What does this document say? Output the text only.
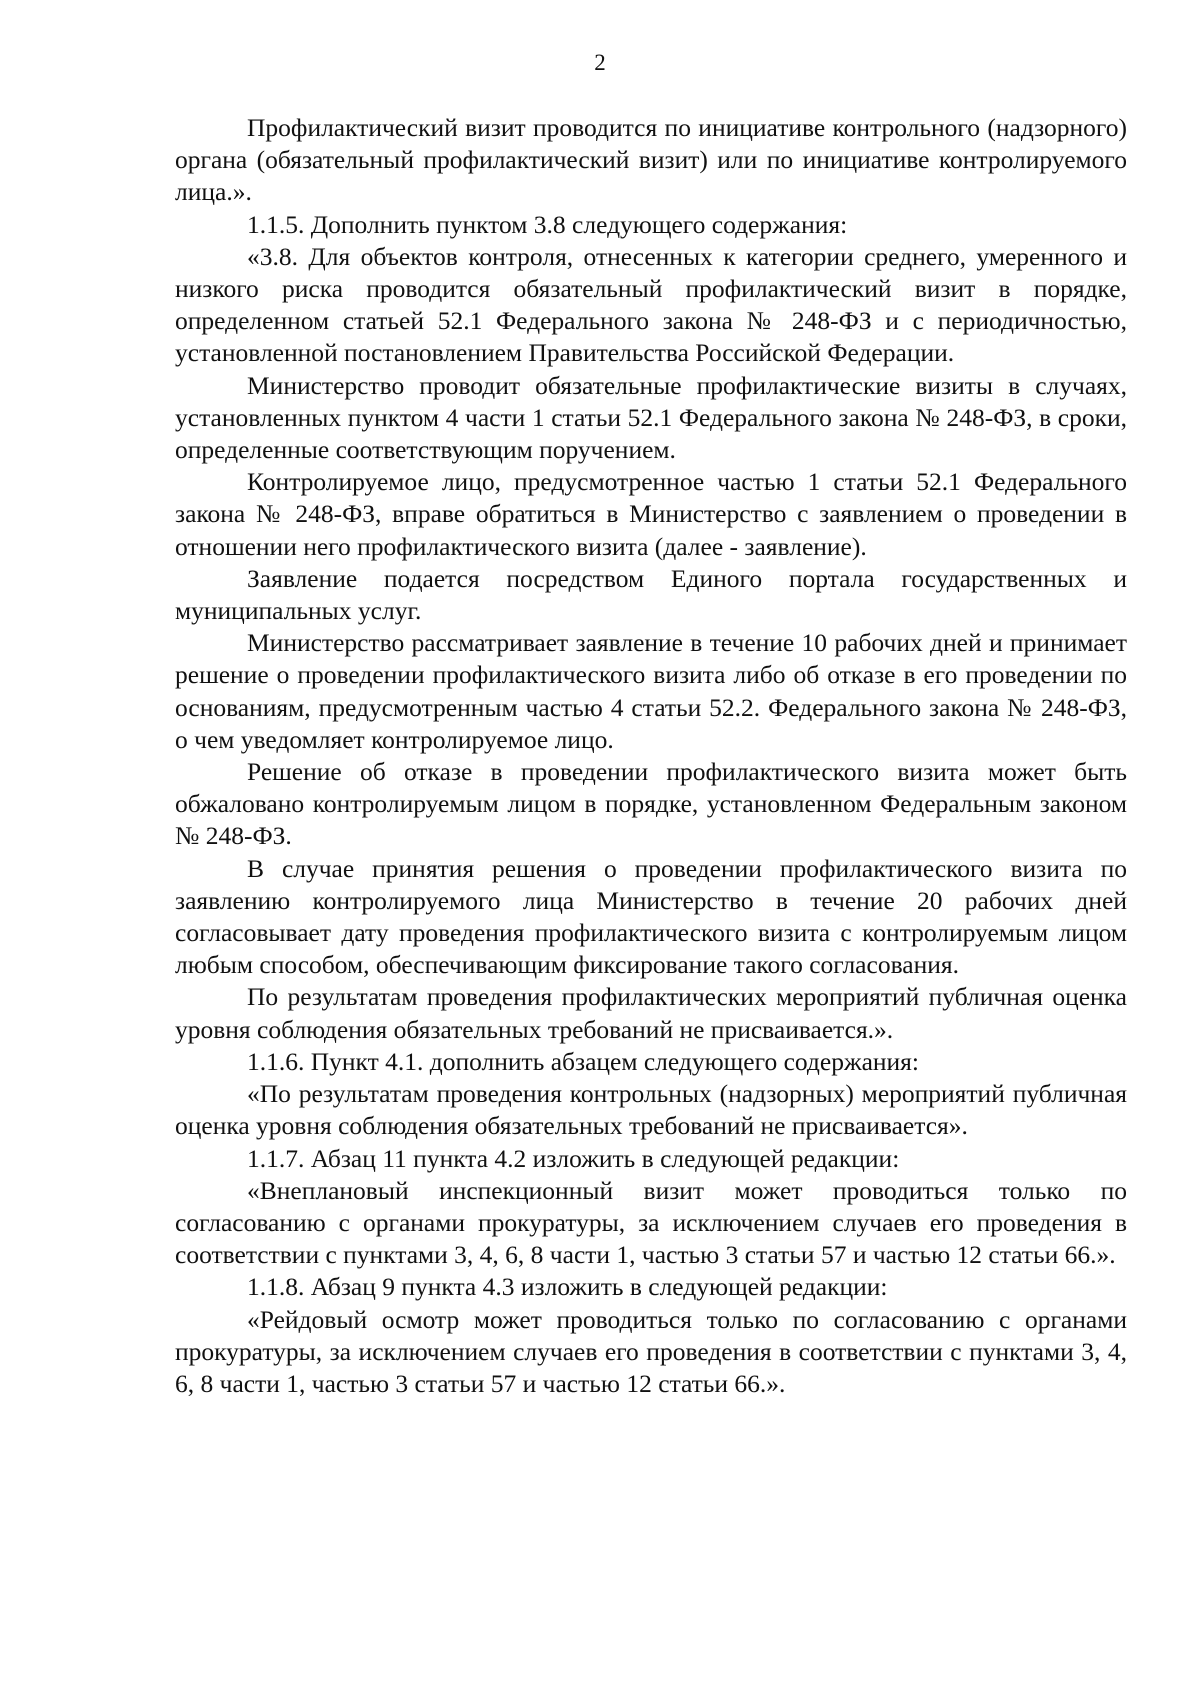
2

Профилактический визит проводится по инициативе контрольного (надзорного) органа (обязательный профилактический визит) или по инициативе контролируемого лица.».

1.1.5. Дополнить пунктом 3.8 следующего содержания:

«3.8. Для объектов контроля, отнесенных к категории среднего, умеренного и низкого риска проводится обязательный профилактический визит в порядке, определенном статьей 52.1 Федерального закона № 248-ФЗ и с периодичностью, установленной постановлением Правительства Российской Федерации.

Министерство проводит обязательные профилактические визиты в случаях, установленных пунктом 4 части 1 статьи 52.1 Федерального закона № 248-ФЗ, в сроки, определенные соответствующим поручением.

Контролируемое лицо, предусмотренное частью 1 статьи 52.1 Федерального закона № 248-ФЗ, вправе обратиться в Министерство с заявлением о проведении в отношении него профилактического визита (далее - заявление).

Заявление подается посредством Единого портала государственных и муниципальных услуг.

Министерство рассматривает заявление в течение 10 рабочих дней и принимает решение о проведении профилактического визита либо об отказе в его проведении по основаниям, предусмотренным частью 4 статьи 52.2. Федерального закона № 248-ФЗ, о чем уведомляет контролируемое лицо.

Решение об отказе в проведении профилактического визита может быть обжаловано контролируемым лицом в порядке, установленном Федеральным законом № 248-ФЗ.

В случае принятия решения о проведении профилактического визита по заявлению контролируемого лица Министерство в течение 20 рабочих дней согласовывает дату проведения профилактического визита с контролируемым лицом любым способом, обеспечивающим фиксирование такого согласования.

По результатам проведения профилактических мероприятий публичная оценка уровня соблюдения обязательных требований не присваивается.».

1.1.6. Пункт 4.1. дополнить абзацем следующего содержания:

«По результатам проведения контрольных (надзорных) мероприятий публичная оценка уровня соблюдения обязательных требований не присваивается».

1.1.7. Абзац 11 пункта 4.2 изложить в следующей редакции:

«Внеплановый инспекционный визит может проводиться только по согласованию с органами прокуратуры, за исключением случаев его проведения в соответствии с пунктами 3, 4, 6, 8 части 1, частью 3 статьи 57 и частью 12 статьи 66.».

1.1.8. Абзац 9 пункта 4.3 изложить в следующей редакции:

«Рейдовый осмотр может проводиться только по согласованию с органами прокуратуры, за исключением случаев его проведения в соответствии с пунктами 3, 4, 6, 8 части 1, частью 3 статьи 57 и частью 12 статьи 66.».
